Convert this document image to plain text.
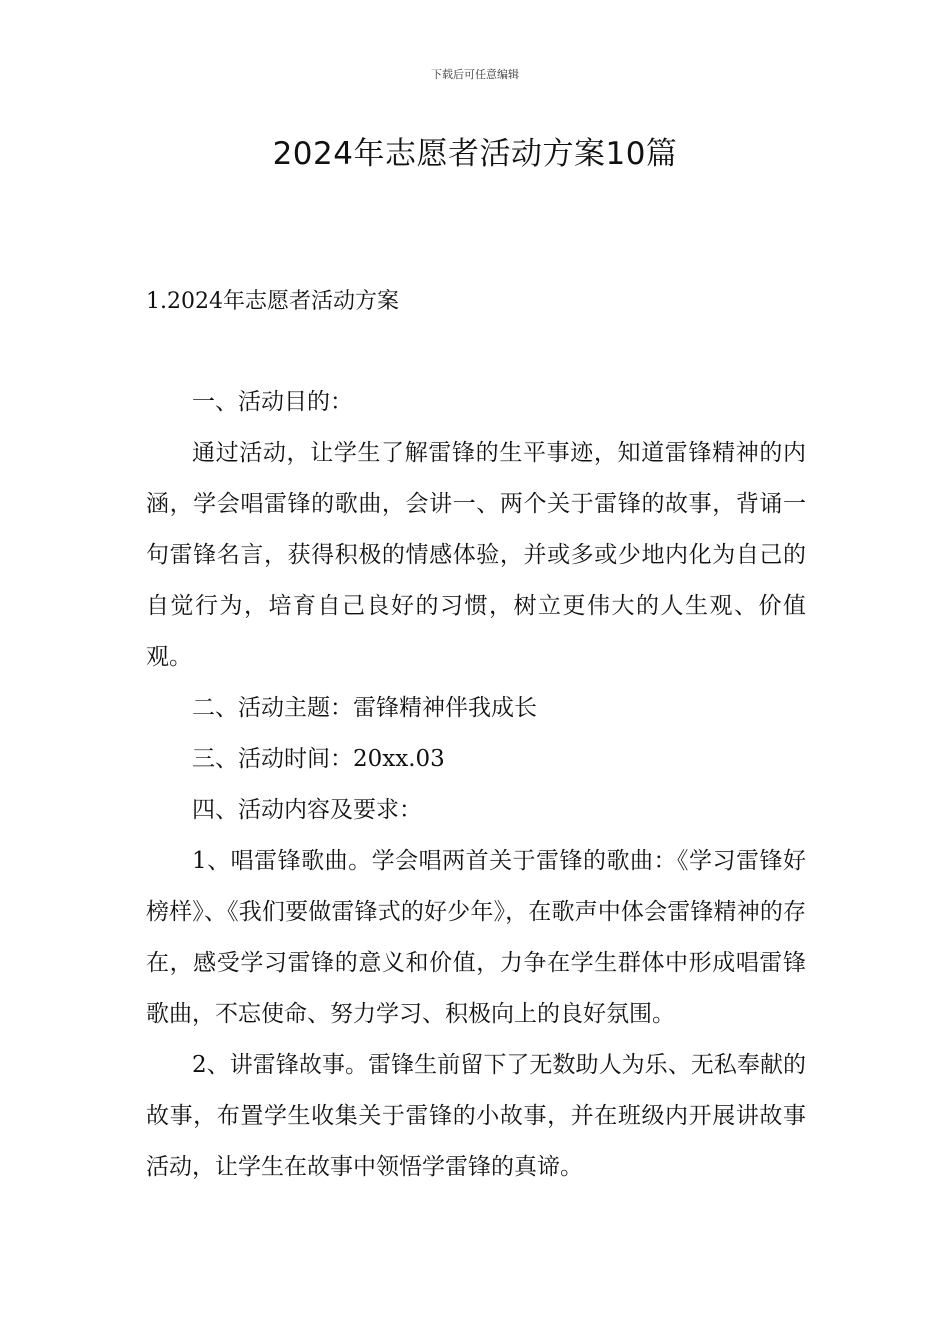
下载后可任意编辑
2024年志愿者活动方案10篇
1.2024年志愿者活动方案

一、活动目的：

通过活动，让学生了解雷锋的生平事迹，知道雷锋精神的内涵，学会唱雷锋的歌曲，会讲一、两个关于雷锋的故事，背诵一句雷锋名言，获得积极的情感体验，并或多或少地内化为自己的自觉行为，培育自己良好的习惯，树立更伟大的人生观、价值观。

二、活动主题：雷锋精神伴我成长

三、活动时间：20xx.03

四、活动内容及要求：

1、唱雷锋歌曲。学会唱两首关于雷锋的歌曲：《学习雷锋好榜样》、《我们要做雷锋式的好少年》，在歌声中体会雷锋精神的存在，感受学习雷锋的意义和价值，力争在学生群体中形成唱雷锋歌曲，不忘使命、努力学习、积极向上的良好氛围。

2、讲雷锋故事。雷锋生前留下了无数助人为乐、无私奉献的故事，布置学生收集关于雷锋的小故事，并在班级内开展讲故事活动，让学生在故事中领悟学雷锋的真谛。
